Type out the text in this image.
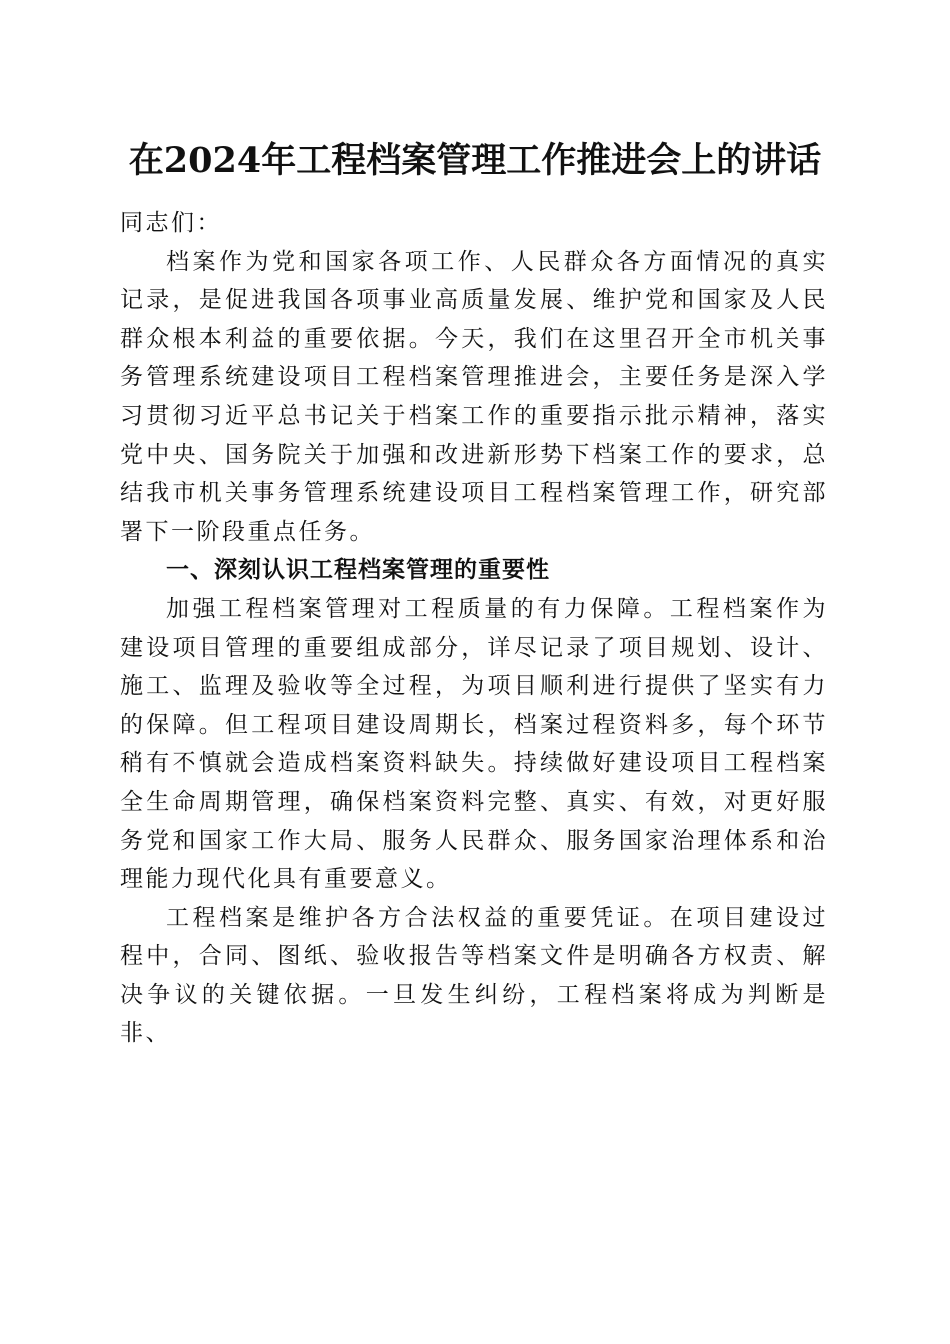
在2024年工程档案管理工作推进会上的讲话

同志们：

档案作为党和国家各项工作、人民群众各方面情况的真实记录，是促进我国各项事业高质量发展、维护党和国家及人民群众根本利益的重要依据。今天，我们在这里召开全市机关事务管理系统建设项目工程档案管理推进会，主要任务是深入学习贯彻习近平总书记关于档案工作的重要指示批示精神，落实党中央、国务院关于加强和改进新形势下档案工作的要求，总结我市机关事务管理系统建设项目工程档案管理工作，研究部署下一阶段重点任务。

一、深刻认识工程档案管理的重要性

加强工程档案管理对工程质量的有力保障。工程档案作为建设项目管理的重要组成部分，详尽记录了项目规划、设计、施工、监理及验收等全过程，为项目顺利进行提供了坚实有力的保障。但工程项目建设周期长，档案过程资料多，每个环节稍有不慎就会造成档案资料缺失。持续做好建设项目工程档案全生命周期管理，确保档案资料完整、真实、有效，对更好服务党和国家工作大局、服务人民群众、服务国家治理体系和治理能力现代化具有重要意义。

工程档案是维护各方合法权益的重要凭证。在项目建设过程中，合同、图纸、验收报告等档案文件是明确各方权责、解决争议的关键依据。一旦发生纠纷，工程档案将成为判断是非、
